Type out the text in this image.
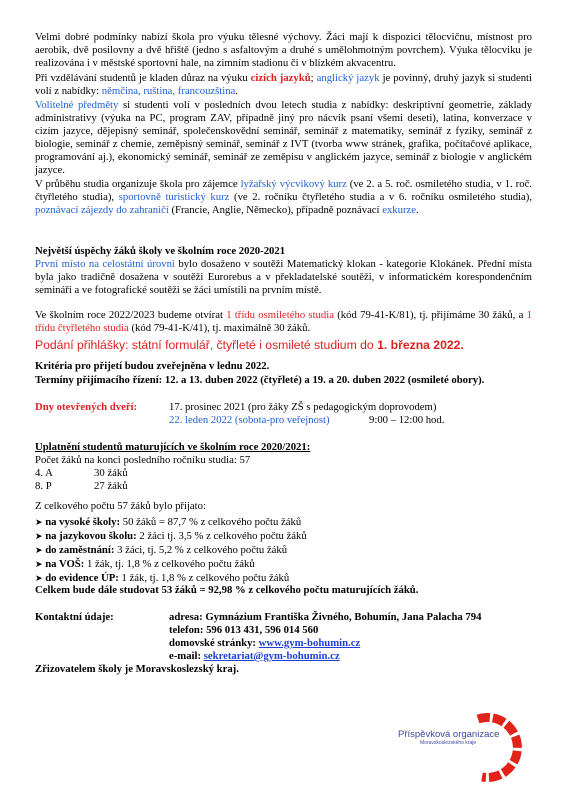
Velmi dobré podmínky nabízí škola pro výuku tělesné výchovy. Žáci mají k dispozici tělocvičnu, místnost pro aerobik, dvě posilovny a dvě hřiště (jedno s asfaltovým a druhé s umělohmotným povrchem). Výuka tělocviku je realizována i v městské sportovní hale, na zimním stadionu či v blízkém akvacentru.

Při vzdělávání studentů je kladen důraz na výuku cizích jazyků; anglický jazyk je povinný, druhý jazyk si studenti volí z nabídky: němčina, ruština, francouzština.

Volitelné předměty si studenti volí v posledních dvou letech studia z nabídky: deskriptivní geometrie, základy administrativy (výuka na PC, program ZAV, případně jiný pro nácvik psaní všemi deseti), latina, konverzace v cizím jazyce, dějepisný seminář, společenskovědní seminář, seminář z matematiky, seminář z fyziky, seminář z biologie, seminář z chemie, zeměpisný seminář, seminář z IVT (tvorba www stránek, grafika, počítačové aplikace, programování aj.), ekonomický seminář, seminář ze zeměpisu v anglickém jazyce, seminář z biologie v anglickém jazyce.

V průběhu studia organizuje škola pro zájemce lyžařský výcvikový kurz (ve 2. a 5. roč. osmiletého studia, v 1. roč. čtyřletého studia), sportovně turistický kurz (ve 2. ročníku čtyřletého studia a v 6. ročníku osmiletého studia), poznávací zájezdy do zahraničí (Francie, Anglie, Německo), případně poznávací exkurze.

Největší úspěchy žáků školy ve školním roce 2020-2021

První místo na celostátní úrovni bylo dosaženo v soutěži Matematický klokan - kategorie Klokánek. Přední místa byla jako tradičně dosažena v soutěži Eurorebus a v překladatelské soutěži, v informatickém korespondenčním semináři a ve fotografické soutěži se žáci umístili na prvním místě.

Ve školním roce 2022/2023 budeme otvírat 1 třídu osmiletého studia (kód 79-41-K/81), tj. přijímáme 30 žáků, a 1 třídu čtyřletého studia (kód 79-41-K/41), tj. maximálně 30 žáků.

Podání přihlášky: státní formulář, čtyřleté i osmileté studium do 1. března 2022.

Kritéria pro přijetí budou zveřejněna v lednu 2022.

Termíny přijímacího řízení: 12. a 13. duben 2022 (čtyřleté) a 19. a 20. duben 2022 (osmileté obory).

Dny otevřených dveří:	17. prosinec 2021 (pro žáky ZŠ s pedagogickým doprovodem)

22. leden 2022 (sobota-pro veřejnost)	9:00 – 12:00 hod.

Uplatnění studentů maturujících ve školním roce 2020/2021:

Počet žáků na konci posledního ročníku studia: 57

4. A	30 žáků

8. P	27 žáků

Z celkového počtu 57 žáků bylo přijato:

➤ na vysoké školy: 50 žáků = 87,7 % z celkového počtu žáků

➤ na jazykovou školu: 2 žáci tj. 3,5 % z celkového počtu žáků

➤ do zaměstnání: 3 žáci, tj. 5,2 % z celkového počtu žáků

➤ na VOŠ: 1 žák, tj. 1,8 % z celkového počtu žáků

➤ do evidence ÚP: 1 žák, tj. 1,8 % z celkového počtu žáků

Celkem bude dále studovat 53 žáků = 92,98 % z celkového počtu maturujících žáků.

Kontaktní údaje:	adresa: Gymnázium Františka Živného, Bohumín, Jana Palacha 794

telefon: 596 013 431, 596 014 560

domovské stránky: www.gym-bohumin.cz

e-mail: sekretariat@gym-bohumin.cz

Zřizovatelem školy je Moravskoslezský kraj.

Příspěvková organizace
Moravskoslezského kraje
